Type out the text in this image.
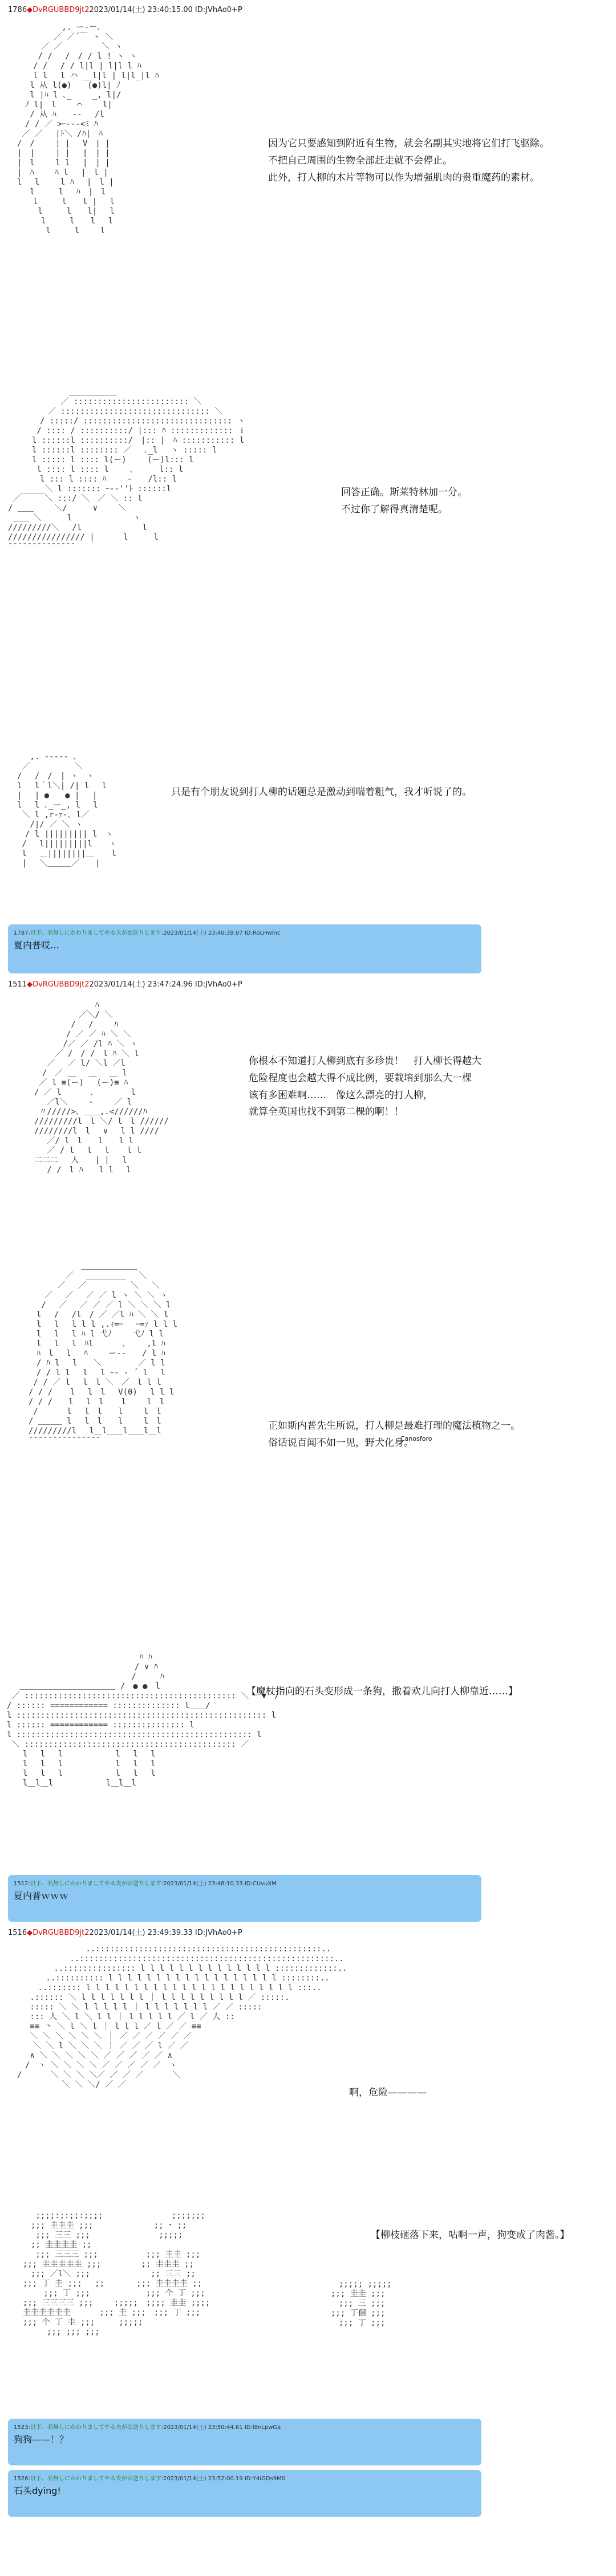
1786◆DvRGUBBD9jt22023/01/14(土) 23:40:15.00 ID:JVhAo0+P
　　　　　 ,. ー-－､
　　　　 ／ ／´￣ ヽ ＼
　　　／ ／　　　　　＼ ヽ
　　 / /　 /　/ / l ! ヽ ヽ
　　/ /　 / / l|l | l|l l ﾊ
　　l l　 l ハ __l|l | l|l_|l ﾊ
　 l 从 l(●)　　(●)l| ﾉ
　 l |ﾊ l ､_　　 _, l|/
　ﾉ l|　l　　 ⌒　　 l|
　 / 从 ﾊ　　--　 /l
　/ / ／ >ｰ--‐<ﾐ ﾊ
／ ／　 |ﾄ＼ /ﾊ|　ﾊ
/　/　　 | |　 V　| |
|　|　　 | |　 |　| |
|　l　　 l l　 |　| |
|　ﾊ　　 ﾊ l　 |　l |
l　 l　　 l ﾊ　 |　l |
　 l　　　l　 ﾊ　|　l
　　l　　　l　　l |　 l
　　 l　　　l　　l|　 l
　　　l　　　l　　l　 l
　　　 l　　　l　　 l
因为它只要感知到附近有生物，就会名副其实地将它们打飞驱除。
不把自己周围的生物全部赶走就不会停止。
此外，打人柳的木片等物可以作为增强肌肉的贵重魔药的素材。
　　　　　　　 ＿＿＿＿＿＿
　　　　　　 ／ :::::::::::::::::::::::: ＼
　　　　　／ ::::::::::::::::::::::::::::::: ＼
　　　　/ :::::/ ::::::::::::::::::::::::::::::: ヽ
　　　 / :::: / ::::::::::/ |::: ﾊ ::::::::::::: ｉ
　　　l ::::::l ::::::::::/　|:: |　ﾊ ::::::::::: l
　　　l ::::::l :::::::: ／　 ､_l 　ヽ ::::: l
　　　l ::::: l :::: l(ー)　　 (ー)l::: l
　　　 l :::: l :::: l 　　､　 　 l:: l
　　　　l ::: l :::: ﾊ　　 ‐　　/l:: l
　　　　 ＼ l ::::::: ｰ-‐''ﾄ ::::::l
／￣￣￣＼ :::/ ＼　／ ＼ :: l
/ ＿＿　　 ＼/ 　　 ∨　　 ＼
＿＿ ＼ 　　 l　　　　　　　 ヽ
/////////＼　 /l　　　　　　　 l
//////////////// |　　　 l 　　 l
̄ ̄ ̄ ̄ ̄ ̄ ̄ ̄ ̄ ̄ ̄ ̄ ̄
回答正确。斯莱特林加一分。
不过你了解得真清楚呢。
　　 ,. -‐‐‐- ､
　 ／　　　　　 ＼
　/　 /　/　| ヽ　ヽ
　l　 l｀l＼| /| l　 l
　|　 | ●　　● |　 |
　l　 l ､_ー_, l　 l
　 ＼ l ,r‐ｧ‐､ l／
　　 /|/ ／ ＼ ヽ
　　/ l ||||||||| l　ヽ
　 /　 l|||||||||l　　ヽ
　 l　 ＿||||||||＿ 　 l
　 |　 ＼＿＿＿／　　|
只是有个朋友说到打人柳的话题总是激动到喘着粗气，我才听说了的。
1787:以下、名無しにかわりましてやる夫がお送りします:2023/01/14(土) 23:40:39.97 ID:RoLHwlnc
夏内普哎…
1511◆DvRGUBBD9jt22023/01/14(土) 23:47:24.96 ID:JVhAo0+P
　　　　　　　 ﾊ
　　　　　 ／＼/ ＼
　　　　 /　 /　　 ﾊ
　　　　/ ／ ／ ﾊ ＼ ＼
　　　 /／ ／ /l ﾊ ＼ ヽ
　　 ／ /　/ /　l ﾊ ＼ l
　 ／　 ／ l/ ＼l ／l
　/　／ ＿　 ＿　 ＿ l
／ l ≡(ー)　 (ー)≡ ﾊ
/ ／ l　　　 ､　　　　 l
　 ／l＼　　 ‐　　 ／ l
〃/////>、＿＿,.<//////ﾊ
/////////l　l ＼/ l　l //////
////////l　l　 ∨ 　l l ////
　 ／/ l　l　　l　　l l
　 ／ / l　 l　 l 　 l l
二二二　 人　　| |　 l
　 / /　l ﾊ　　l l　 l
你根本不知道打人柳到底有多珍贵！　打人柳长得越大
危险程度也会越大得不成比例，要栽培到那么大一棵
该有多困难啊……　像这么漂亮的打人柳，
就算全英国也找不到第二棵的啊！！
　　　　　　 ＿＿＿＿＿＿＿
　　　　 ／　 ＿＿＿＿＿　 ＼
　　　 ／　 ／　　　　　 ＼　 ＼
　　／　 ／　 ／ ／ l ヽ ＼ ＼ ヽ
　 /　 ／　 ／ ／ ／ l ＼ ＼ ＼ l
　l　 /　 /l　/ ／ ／l ﾊ ＼ ＼ l
　l　 l　 l l l ,.ｨ=ｰ　 ｰ=ｧ l l l
　l　 l　 l ﾊ l 弋ﾉ　　 弋ﾉ l l
　l　 l　 l　ﾊl　　　 ､　　 ,l ﾊ
　ﾊ　l　 l　 ﾊ　　 ー-‐　　/ l ﾊ
　/ ﾊ l　 l　　＼　　　　 ／ l l
　/ / l l　 l　 l ｰ- ‐ ´ l　 l
/ / ／ l　 l　l ＼　／　l l l
/ / / 　 l　 l　l 　V(0)　 l l l
/ / /　　l　 l　l 　 l　　 l　l
/　　　 l　 l　l　　l　　 l　l
/ ＿＿＿ l　 l　l　　l　　 l　l
/////////l　 l＿l＿＿l＿＿l＿l
̄ ̄ ̄ ̄ ̄ ̄ ̄ ̄ ̄ ̄ ̄ ̄ ̄ ̄	Canosforo
正如斯内普先生所说，打人柳是最难打理的魔法植物之一。
俗话说百闻不如一见，野犬化身。
　　　　　　　　　　　　　　　　 ﾊ ﾊ
　　　　　　　　　　　　　　　　/ ∨ ﾊ
　　　　　　　　　　　　　　　 /　　　ﾊ
　 ＿＿＿＿＿＿＿＿＿＿＿＿ /　● ●　l
／ :::::::::::::::::::::::::::::::::::::::::::: ＼　 ▼　/
/ :::::: ============ :::::::::::::: l＿＿/
l :::::::::::::::::::::::::::::::::::::::::::::::::::: l
l :::::: ============ ::::::::::::::: l
l ::::::::::::::::::::::::::::::::::::::::::::::::: l
＼ :::::::::::::::::::::::::::::::::::::::::::: ／
　　l　 l　 l　　　　　　 l　 l　 l
　　l　 l　 l　　　　　　 l　 l　 l
　　l　 l　 l　　　　　　 l　 l　 l
　　l＿l＿l　　　　　　 l＿l＿l
【魔杖指向的石头变形成一条狗，撒着欢儿向打人柳靠近……】
1512:以下、名無しにかわりましてやる夫がお送りします:2023/01/14(土) 23:48:10.33 ID:CUvuXM
夏内普ｗｗｗ
1516◆DvRGUBBD9jt22023/01/14(土) 23:49:39.33 ID:JVhAo0+P
　　　　　　　　 ..:::::::::::::::::::::::::::::::::::::::::::::::..
　　　　　　 ..:::::::::::::::::::::::::::::::::::::::::::::::::::::..
　　　　 ..::::::::::::::: l l l l l l l l l l l l l l :::::::::::::..
　　　 ..:::::::::: l l l l l l l l l l l l l l l l l l ::::::::..
　　 ..::::::: l l l l l l l l l l l l l l l l l l l l l l :::..
　 .:::::: ＼ l l l l l l l ｜ l l l l l l l l l ／ :::::.
　 ::::: ＼ ＼ l l l l l ｜ l l l l l l l ／ ／ :::::
　 ::: 人 ＼ l ＼ l l ｜ l l l l l ／ l ／ 人 ::
　 ≡≡ 丶 ＼ l ＼ l ｜ l l l ／ l ／ ／ ≡≡
　 ＼ ＼ ＼ ＼ ＼ ＼ ｜ ／ ／ ／ ／ ／ ／
　　＼ ＼ l ＼ ＼ ＼ ｜ ／ ／ ／ l ／ ／
　 ∧ ＼ ＼ ＼ ＼ ＼ ／ ／ ／ ／ ／ ∧
　/　ヽ ＼ ＼ ＼ ＼ ／ ／ ／ ／ ／　ヽ
/　　　 ＼ ＼ ＼ ＼／ ／ ／ ／　　　 ＼
　　　　　 ＼ ＼ ＼/ ／ ／
啊，危险————
　 ;;;;:;:;;:;;;;　　　　　　　　 ;;;;;;;
　;;; 圭圭圭 ;;;　　　　　　　 ;; ･ ;;
　 ;;; 三三 ;;;　　　　　　　　 ;;;;;
　;; 圭圭圭圭 ;;
　 ;;; 三三三 ;;;　　　　　　;;; 圭圭 ;;;
;;; 圭圭圭圭圭 ;;;　　　　　;; 圭圭圭 ;;
　;;; ／l＼ ;;;　　　　　　　 ;; 三三 ;;
;;; 丁 圭 ;;;　 ;;　　　　;;; 圭圭圭圭 ;;
　　 ;;; 丁 ;;;　　　　　　　;;; 个 丁 ;;;
;;; 三三三三 ;;;　　 ;;;;;　;;;; 圭圭 ;;;;
圭圭圭圭圭圭　　　 ;;; 圭 ;;;　;;; 丁 ;;;
;;; 个 丁 圭 ;;;　　　;;;;;
　　　;;; ;;; ;;;
　;;;;; ;;;;;
;;; 圭圭 ;;;
　;;; 三 ;;;
;;; 丁個 ;;;
　;;; 丁 ;;;
【柳枝砸落下来，咕啊一声，狗变成了肉酱。】
1523:以下、名無しにかわりましてやる夫がお送りします:2023/01/14(土) 23:50:44.61 ID:l8nLpwGa
狗狗——！？
1526:以下、名無しにかわりましてやる夫がお送りします:2023/01/14(土) 23:52:00.19 ID:Y4iGDs9M0
石头dying!
